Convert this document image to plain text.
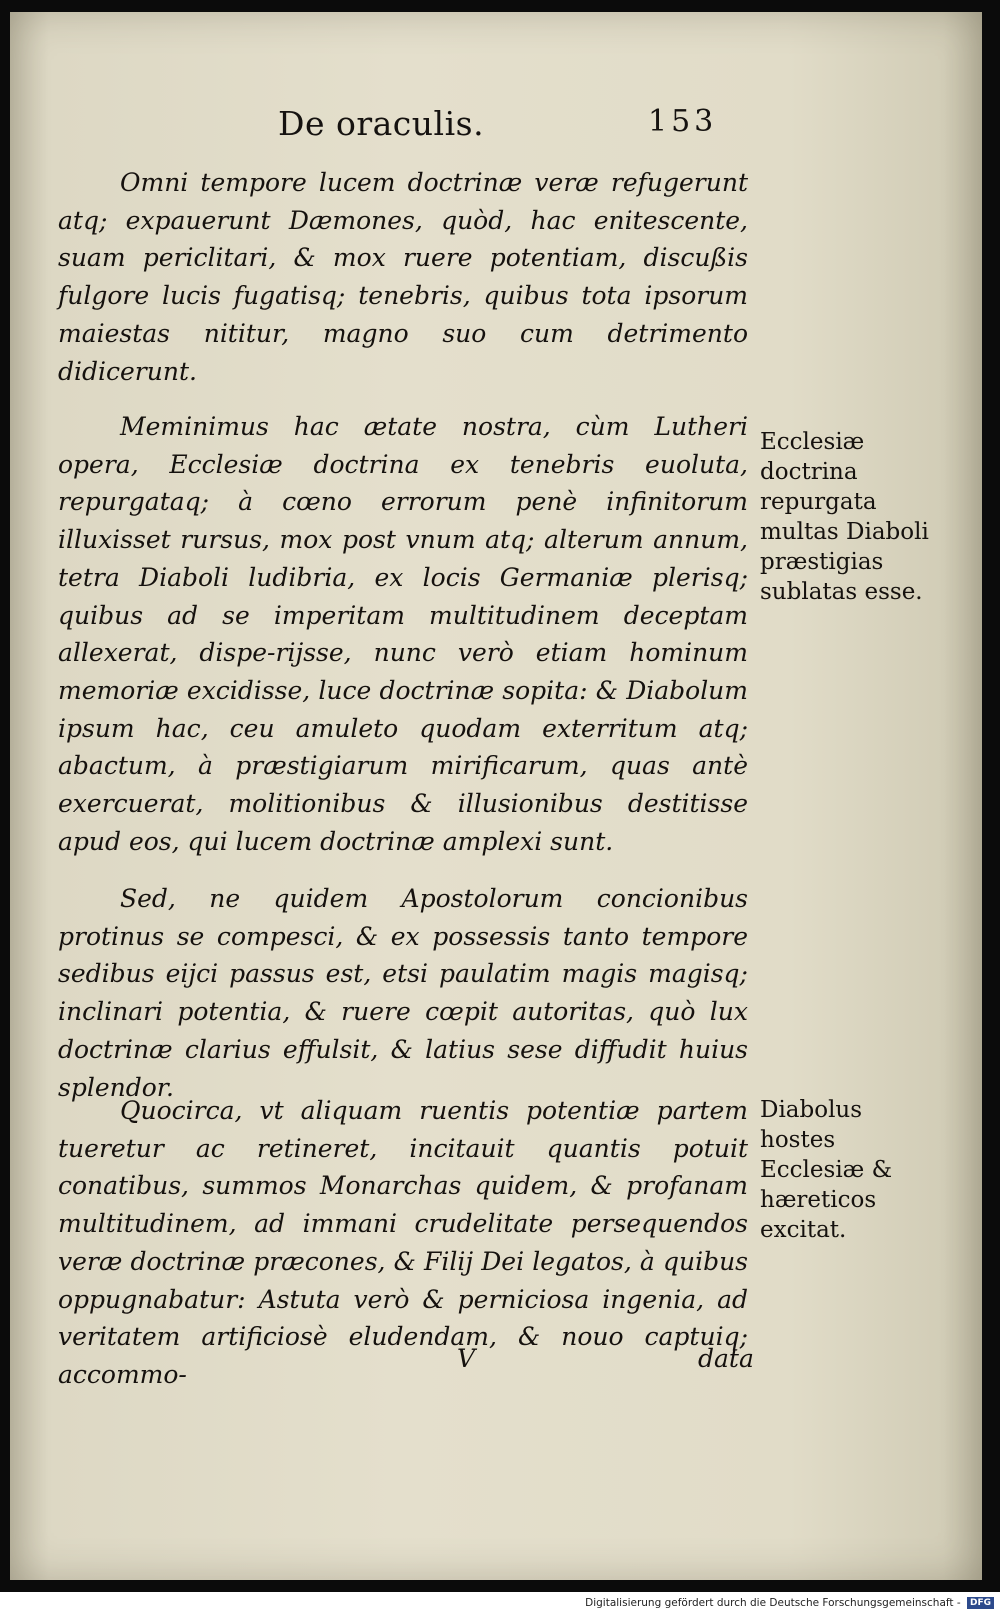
De oraculis.	153

Omni tempore lucem doctrinæ veræ refugerunt atq; expauerunt Dæmones, quòd, hac enitescente, suam periclitari, & mox ruere potentiam, discußis fulgore lucis fugatisq; tenebris, quibus tota ipsorum maiestas nititur, magno suo cum detrimento didicerunt.

Meminimus hac ætate nostra, cùm Lutheri opera, Ecclesiæ doctrina ex tenebris euoluta, repurgataq; à cœno errorum penè infinitorum illuxisset rursus, mox post vnum atq; alterum annum, tetra Diaboli ludibria, ex locis Germaniæ plerisq; quibus ad se imperitam multitudinem deceptam allexerat, dispe-rijsse, nunc verò etiam hominum memoriæ excidisse, luce doctrinæ sopita: & Diabolum ipsum hac, ceu amuleto quodam exterritum atq; abactum, à præstigiarum mirificarum, quas antè exercuerat, molitionibus & illusionibus destitisse apud eos, qui lucem doctrinæ amplexi sunt.

Sed, ne quidem Apostolorum concionibus protinus se compesci, & ex possessis tanto tempore sedibus eijci passus est, etsi paulatim magis magisq; inclinari potentia, & ruere cœpit autoritas, quò lux doctrinæ clarius effulsit, & latius sese diffudit huius splendor.

Quocirca, vt aliquam ruentis potentiæ partem tueretur ac retineret, incitauit quantis potuit conatibus, summos Monarchas quidem, & profanam multitudinem, ad immani crudelitate persequendos veræ doctrinæ præcones, & Filij Dei legatos, à quibus oppugnabatur: Astuta verò & perniciosa ingenia, ad veritatem artificiosè eludendam, & nouo captuiq; accommo-

Ecclesiæ doctrina repurgata multas Diaboli præstigias sublatas esse.

Diabolus hostes Ecclesiæ & hæreticos excitat.

V	data
Digitalisierung gefördert durch die Deutsche Forschungsgemeinschaft - DFG
